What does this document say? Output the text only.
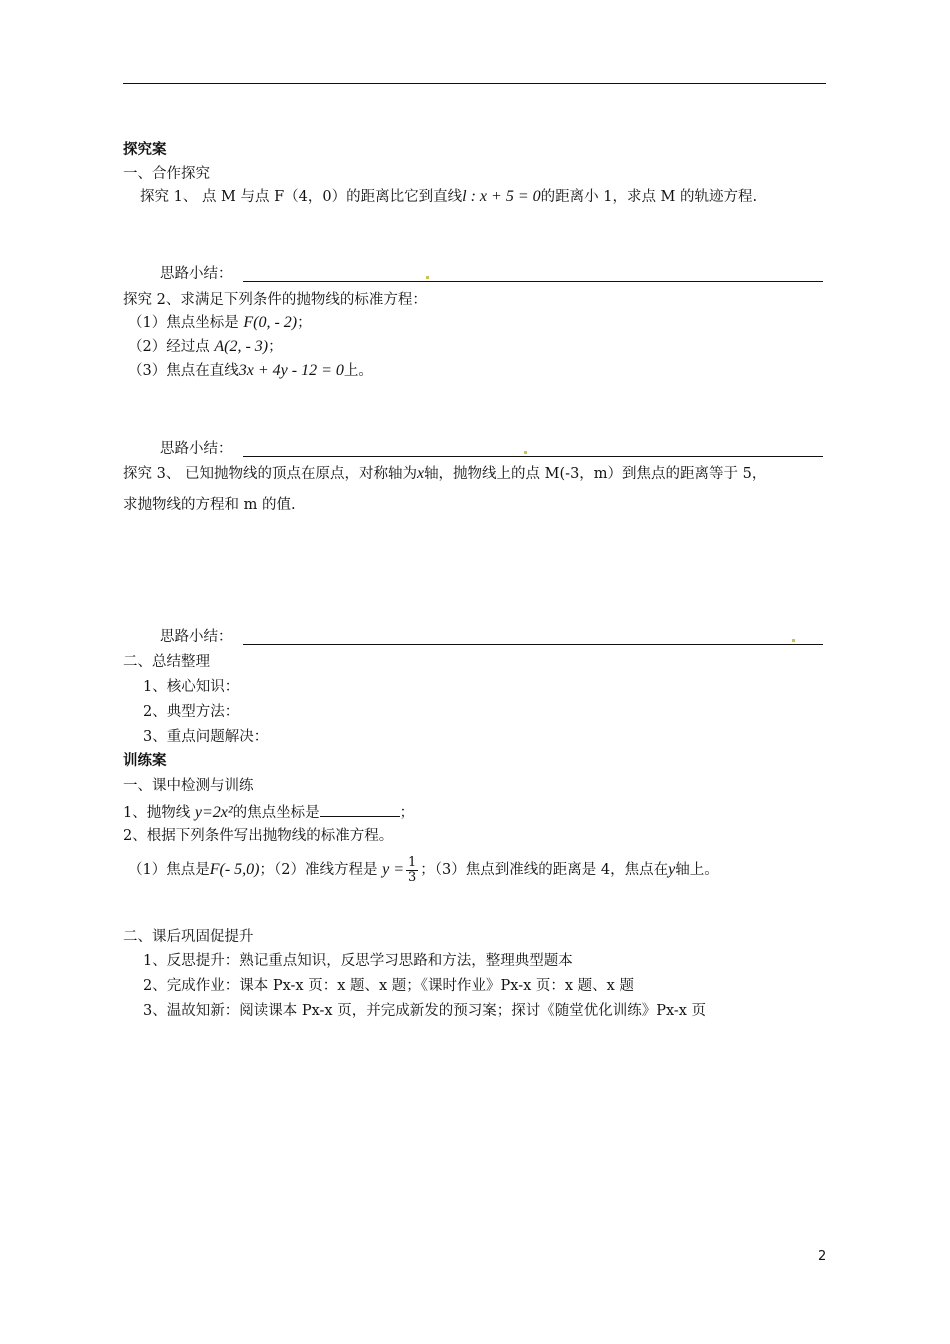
探究案
一、合作探究
探究 1、 点 M 与点 F（4，0）的距离比它到直线l : x + 5 = 0的距离小 1，求点 M 的轨迹方程.
思路小结：
探究 2、求满足下列条件的抛物线的标准方程：
（1）焦点坐标是 F(0, - 2)；
（2）经过点 A(2, - 3)；
（3）焦点在直线3x + 4y - 12 = 0上。
思路小结：
探究 3、 已知抛物线的顶点在原点，对称轴为x轴，抛物线上的点 M(-3，m）到焦点的距离等于 5，
求抛物线的方程和 m 的值.
思路小结：
二、总结整理
1、核心知识：
2、典型方法：
3、重点问题解决：
训练案
一、课中检测与训练
1、抛物线 y=2x²的焦点坐标是	；
2、根据下列条件写出抛物线的标准方程。
（1）焦点是F(- 5,0)；（2）准线方程是 $y = \frac{1}{3}$ ；（3）焦点到准线的距离是 4，焦点在y轴上。
二、课后巩固促提升
1、反思提升：熟记重点知识，反思学习思路和方法，整理典型题本
2、完成作业：课本 Px-x 页：x 题、x 题；《课时作业》Px-x 页：x 题、x 题
3、温故知新：阅读课本 Px-x 页，并完成新发的预习案；探讨《随堂优化训练》Px-x 页
2
